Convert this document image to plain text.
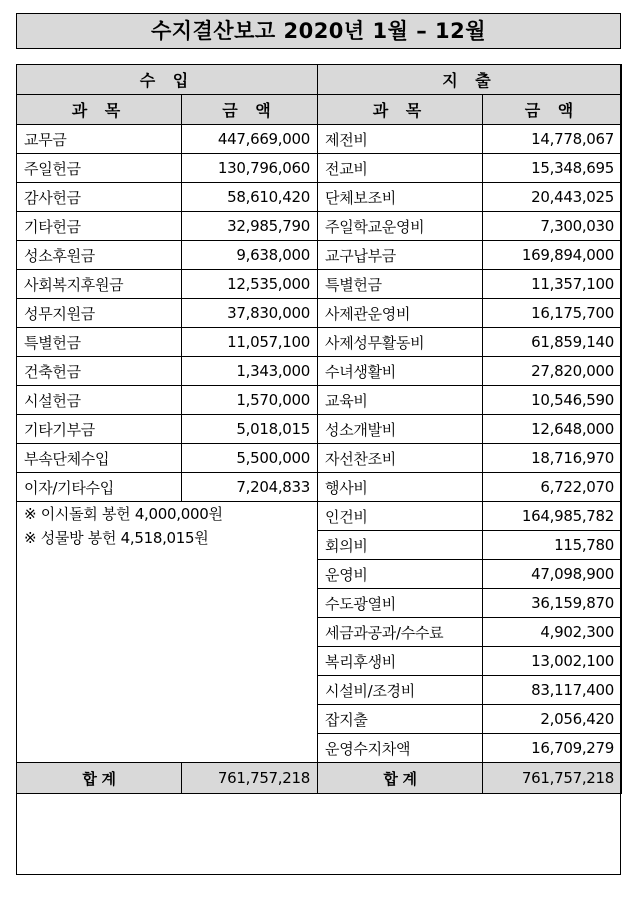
수지결산보고 2020년 1월 – 12월
수 입		지 출	
과 목	금 액	과 목	금 액
교무금	447,669,000	제전비	14,778,067
주일헌금	130,796,060	전교비	15,348,695
감사헌금	58,610,420	단체보조비	20,443,025
기타헌금	32,985,790	주일학교운영비	7,300,030
성소후원금	9,638,000	교구납부금	169,894,000
사회복지후원금	12,535,000	특별헌금	11,357,100
성무지원금	37,830,000	사제관운영비	16,175,700
특별헌금	11,057,100	사제성무활동비	61,859,140
건축헌금	1,343,000	수녀생활비	27,820,000
시설헌금	1,570,000	교육비	10,546,590
기타기부금	5,018,015	성소개발비	12,648,000
부속단체수입	5,500,000	자선찬조비	18,716,970
이자/기타수입	7,204,833	행사비	6,722,070

※ 이시돌회 봉헌 4,000,000원
※ 성물방 봉헌 4,518,015원		인건비	164,985,782
		회의비	115,780
		운영비	47,098,900
		수도광열비	36,159,870
		세금과공과/수수료	4,902,300
		복리후생비	13,002,100
		시설비/조경비	83,117,400
		잡지출	2,056,420
		운영수지차액	16,709,279
합 계	761,757,218	합 계	761,757,218
